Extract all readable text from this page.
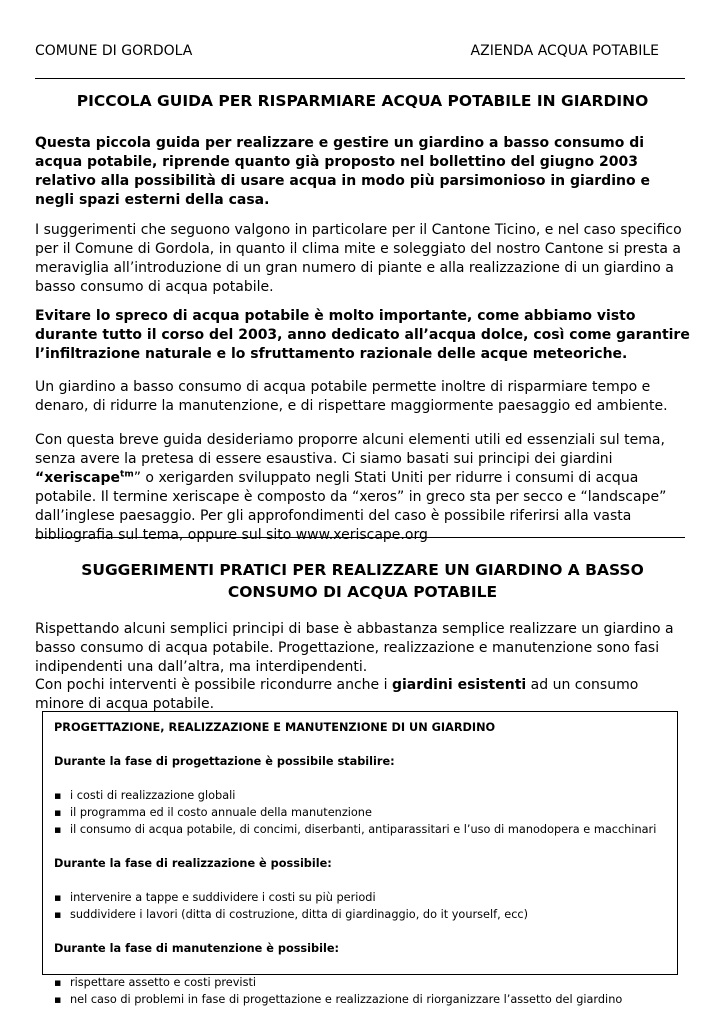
COMUNE DI GORDOLA	AZIENDA ACQUA POTABILE
PICCOLA GUIDA PER RISPARMIARE ACQUA POTABILE IN GIARDINO
Questa piccola guida per realizzare e gestire un giardino a basso consumo di acqua potabile, riprende quanto già proposto nel bollettino del giugno 2003 relativo alla possibilità di usare acqua in modo più parsimonioso in giardino e negli spazi esterni della casa.
I suggerimenti che seguono valgono in particolare per il Cantone Ticino, e nel caso specifico per il Comune di Gordola, in quanto il clima mite e soleggiato del nostro Cantone si presta a meraviglia all’introduzione di un gran numero di piante e alla realizzazione di un giardino a basso consumo di acqua potabile.
Evitare lo spreco di acqua potabile è molto importante, come abbiamo visto durante tutto il corso del 2003, anno dedicato all’acqua dolce, così come garantire l’infiltrazione naturale e lo sfruttamento razionale delle acque meteoriche.
Un giardino a basso consumo di acqua potabile permette inoltre di risparmiare tempo e denaro, di ridurre la manutenzione, e di rispettare maggiormente paesaggio ed ambiente.
Con questa breve guida desideriamo proporre alcuni elementi utili ed essenziali sul tema, senza avere la pretesa di essere esaustiva. Ci siamo basati sui principi dei giardini “xeriscape$^{tm}$” o xerigarden sviluppato negli Stati Uniti per ridurre i consumi di acqua potabile. Il termine xeriscape è composto da “xeros” in greco sta per secco e “landscape” dall’inglese paesaggio. Per gli approfondimenti del caso è possibile riferirsi alla vasta bibliografia sul tema, oppure sul sito www.xeriscape.org
SUGGERIMENTI PRATICI PER REALIZZARE UN GIARDINO A BASSO
CONSUMO DI ACQUA POTABILE
Rispettando alcuni semplici principi di base è abbastanza semplice realizzare un giardino a basso consumo di acqua potabile. Progettazione, realizzazione e manutenzione sono fasi indipendenti una dall’altra, ma interdipendenti.
Con pochi interventi è possibile ricondurre anche i giardini esistenti ad un consumo minore di acqua potabile.
PROGETTAZIONE, REALIZZAZIONE E MANUTENZIONE DI UN GIARDINO
Durante la fase di progettazione è possibile stabilire:
▪ i costi di realizzazione globali
▪ il programma ed il costo annuale della manutenzione
▪ il consumo di acqua potabile, di concimi, diserbanti, antiparassitari e l’uso di manodopera e macchinari
Durante la fase di realizzazione è possibile:
▪ intervenire a tappe e suddividere i costi su più periodi
▪ suddividere i lavori (ditta di costruzione, ditta di giardinaggio, do it yourself, ecc)
Durante la fase di manutenzione è possibile:
▪ rispettare assetto e costi previsti
▪ nel caso di problemi in fase di progettazione e realizzazione di riorganizzare l’assetto del giardino
